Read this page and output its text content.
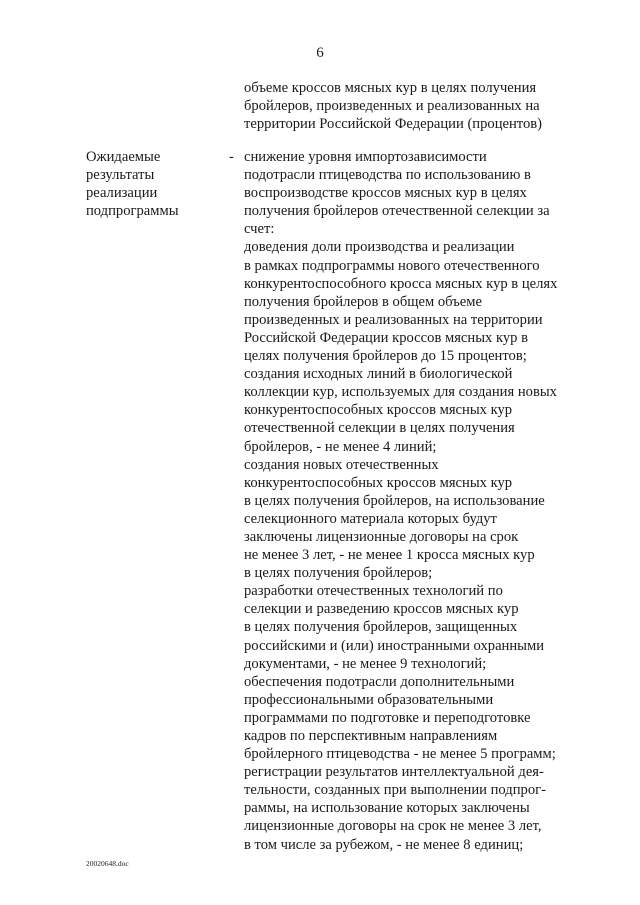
6
объеме кроссов мясных кур в целях получения
бройлеров, произведенных и реализованных на
территории Российской Федерации (процентов)
Ожидаемые
результаты
реализации
подпрограммы
- снижение уровня импортозависимости
подотрасли птицеводства по использованию в
воспроизводстве кроссов мясных кур в целях
получения бройлеров отечественной селекции за
счет:
доведения доли производства и реализации
в рамках подпрограммы нового отечественного
конкурентоспособного кросса мясных кур в целях
получения бройлеров в общем объеме
произведенных и реализованных на территории
Российской Федерации кроссов мясных кур в
целях получения бройлеров до 15 процентов;
создания исходных линий в биологической
коллекции кур, используемых для создания новых
конкурентоспособных кроссов мясных кур
отечественной селекции в целях получения
бройлеров, - не менее 4 линий;
создания новых отечественных
конкурентоспособных кроссов мясных кур
в целях получения бройлеров, на использование
селекционного материала которых будут
заключены лицензионные договоры на срок
не менее 3 лет, - не менее 1 кросса мясных кур
в целях получения бройлеров;
разработки отечественных технологий по
селекции и разведению кроссов мясных кур
в целях получения бройлеров, защищенных
российскими и (или) иностранными охранными
документами, - не менее 9 технологий;
обеспечения подотрасли дополнительными
профессиональными образовательными
программами по подготовке и переподготовке
кадров по перспективным направлениям
бройлерного птицеводства - не менее 5 программ;
регистрации результатов интеллектуальной дея-
тельности, созданных при выполнении подпрог-
раммы, на использование которых заключены
лицензионные договоры на срок не менее 3 лет,
в том числе за рубежом, - не менее 8 единиц;
20020648.doc
